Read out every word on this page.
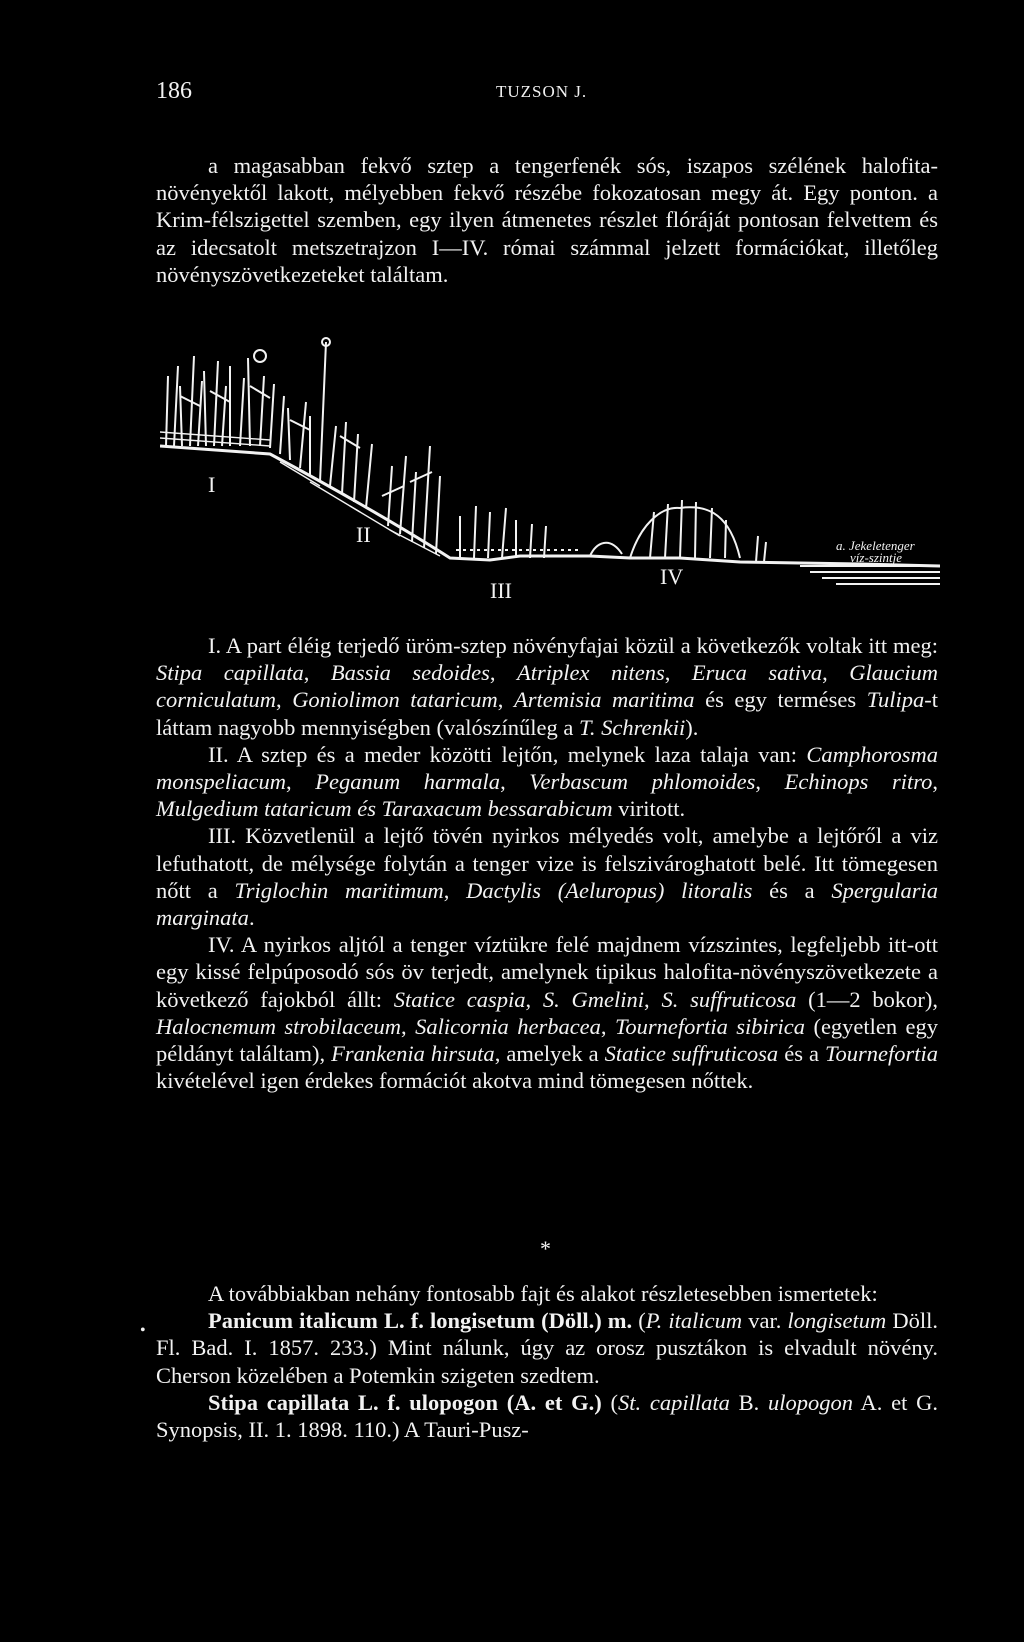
186	TUZSON J.

a magasabban fekvő sztep a tengerfenék sós, iszapos szélének halofita-növényektől lakott, mélyebben fekvő részébe fokozatosan megy át. Egy ponton. a Krim-félszigettel szemben, egy ilyen átmenetes részlet flóráját pontosan felvettem és az idecsatolt metszetrajzon I—IV. római számmal jelzett formációkat, illetőleg növényszövetkezeteket találtam.

I
II
III
IV
a. Jekeletenger
víz-szintje

I. A part éléig terjedő üröm-sztep növényfajai közül a következők voltak itt meg: Stipa capillata, Bassia sedoides, Atriplex nitens, Eruca sativa, Glaucium corniculatum, Goniolimon tataricum, Artemisia maritima és egy terméses Tulipa-t láttam nagyobb mennyiségben (valószínűleg a T. Schrenkii).

II. A sztep és a meder közötti lejtőn, melynek laza talaja van: Camphorosma monspeliacum, Peganum harmala, Verbascum phlomoides, Echinops ritro, Mulgedium tataricum és Taraxacum bessarabicum viritott.

III. Közvetlenül a lejtő tövén nyirkos mélyedés volt, amelybe a lejtőről a viz lefuthatott, de mélysége folytán a tenger vize is felszivároghatott belé. Itt tömegesen nőtt a Triglochin maritimum, Dactylis (Aeluropus) litoralis és a Spergularia marginata.

IV. A nyirkos aljtól a tenger víztükre felé majdnem vízszintes, legfeljebb itt-ott egy kissé felpúposodó sós öv terjedt, amelynek tipikus halofita-növényszövetkezete a következő fajokból állt: Statice caspia, S. Gmelini, S. suffruticosa (1—2 bokor), Halocnemum strobilaceum, Salicornia herbacea, Tournefortia sibirica (egyetlen egy példányt találtam), Frankenia hirsuta, amelyek a Statice suffruticosa és a Tournefortia kivételével igen érdekes formációt akotva mind tömegesen nőttek.

*
•

A továbbiakban nehány fontosabb fajt és alakot részletesebben ismertetek:

Panicum italicum L. f. longisetum (Döll.) m. (P. italicum var. longisetum Döll. Fl. Bad. I. 1857. 233.) Mint nálunk, úgy az orosz pusztákon is elvadult növény. Cherson közelében a Potemkin szigeten szedtem.

Stipa capillata L. f. ulopogon (A. et G.) (St. capillata B. ulopogon A. et G. Synopsis, II. 1. 1898. 110.) A Tauri-Pusz-
